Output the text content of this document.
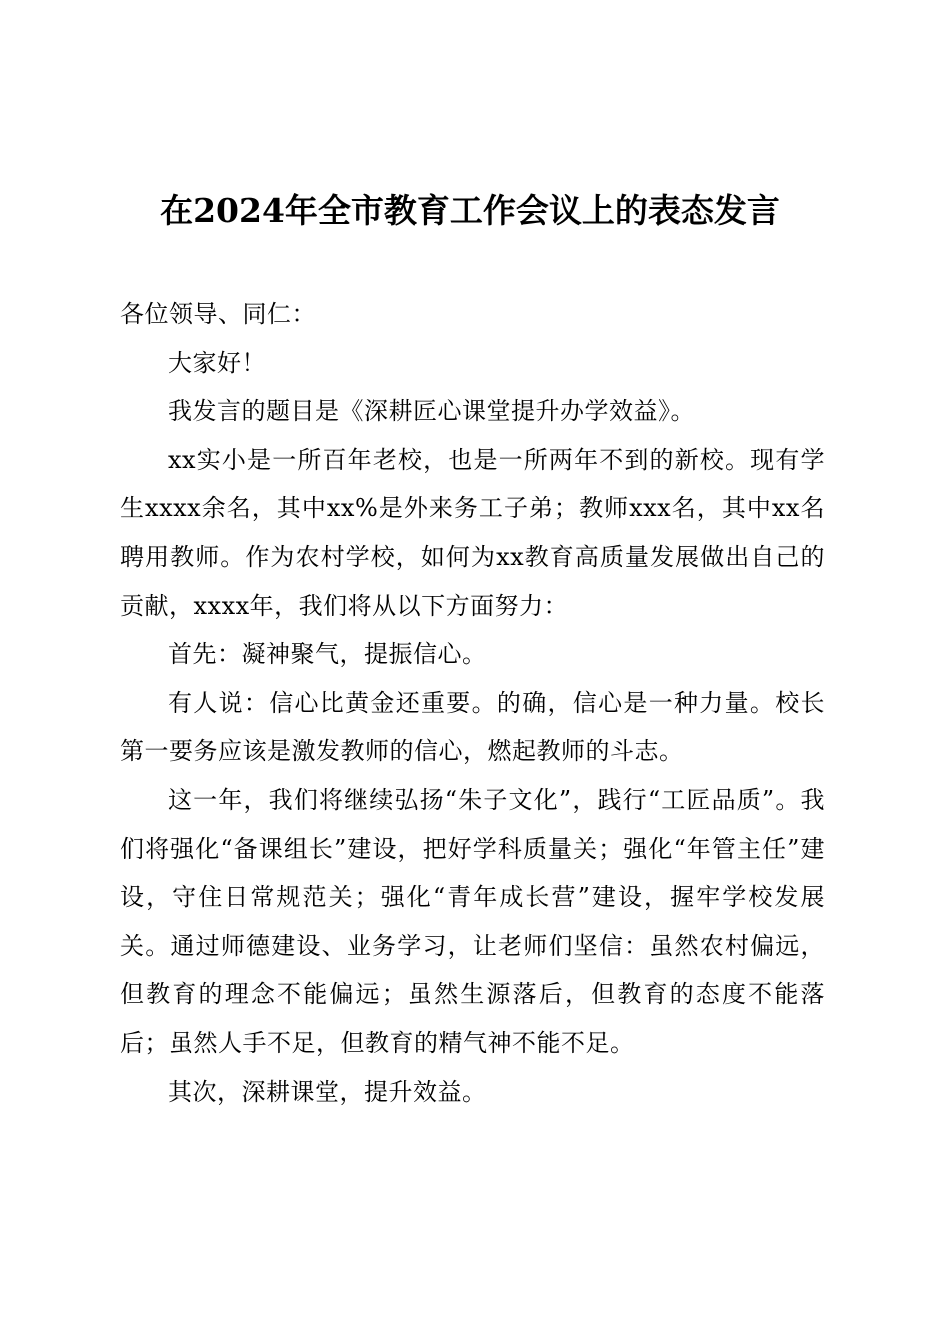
在2024年全市教育工作会议上的表态发言

各位领导、同仁：

大家好！

我发言的题目是《深耕匠心课堂提升办学效益》。

xx实小是一所百年老校，也是一所两年不到的新校。现有学生xxxx余名，其中xx%是外来务工子弟；教师xxx名，其中xx名聘用教师。作为农村学校，如何为xx教育高质量发展做出自己的贡献，xxxx年，我们将从以下方面努力：

首先：凝神聚气，提振信心。

有人说：信心比黄金还重要。的确，信心是一种力量。校长第一要务应该是激发教师的信心，燃起教师的斗志。

这一年，我们将继续弘扬“朱子文化”，践行“工匠品质”。我们将强化“备课组长”建设，把好学科质量关；强化“年管主任”建设，守住日常规范关；强化“青年成长营”建设，握牢学校发展关。通过师德建设、业务学习，让老师们坚信：虽然农村偏远，但教育的理念不能偏远；虽然生源落后，但教育的态度不能落后；虽然人手不足，但教育的精气神不能不足。

其次，深耕课堂，提升效益。
